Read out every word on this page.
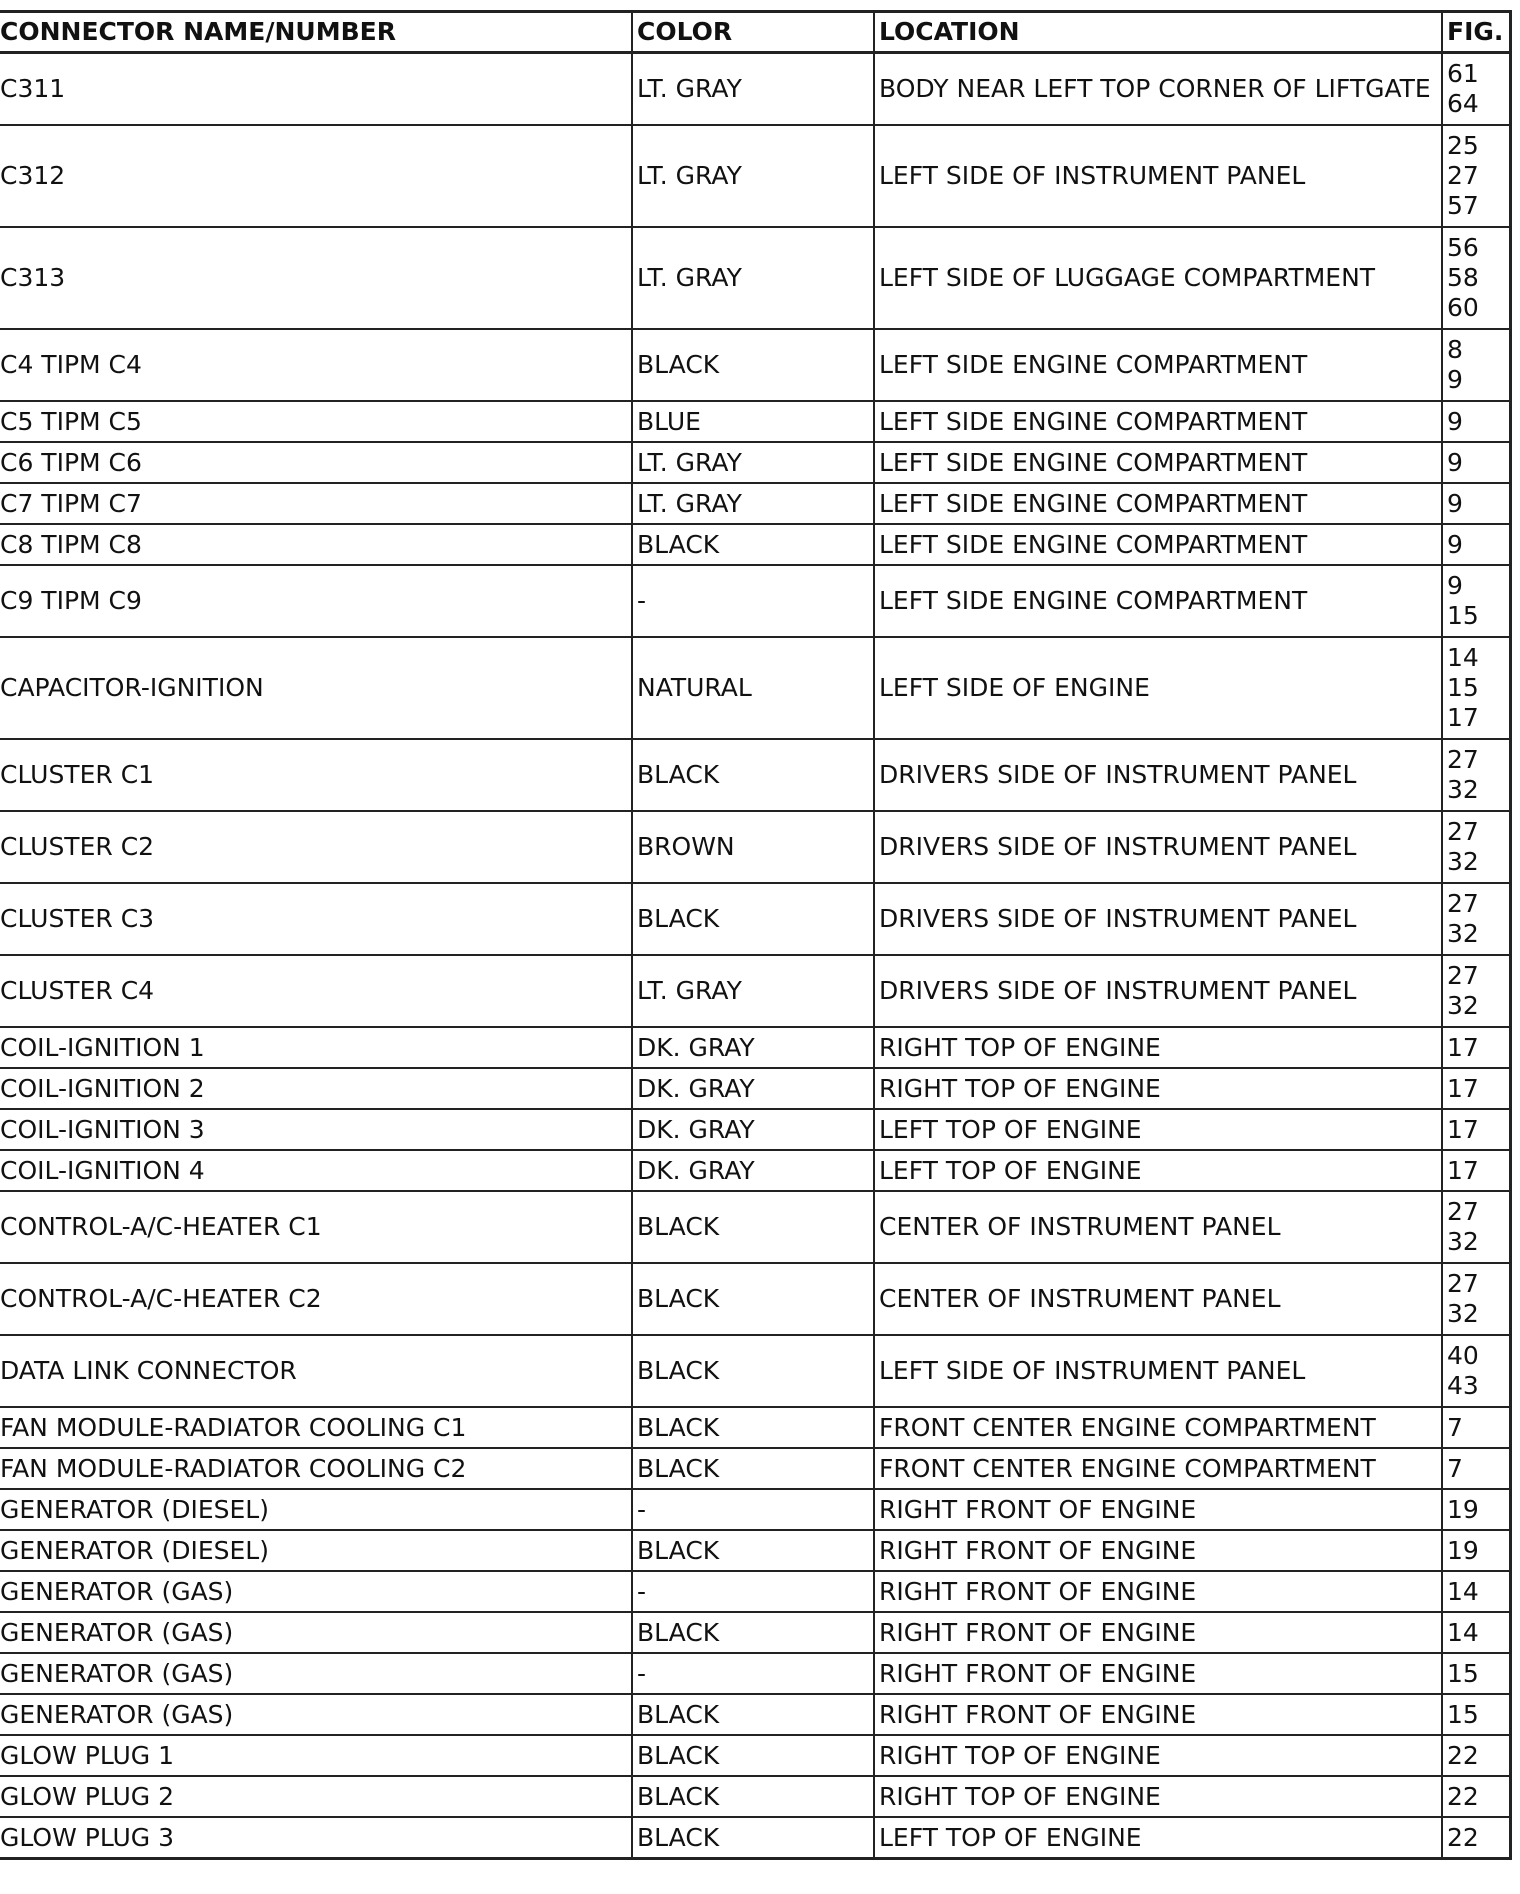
CONNECTOR NAME/NUMBER	COLOR	LOCATION	FIG.
C311	LT. GRAY	BODY NEAR LEFT TOP CORNER OF LIFTGATE	61
64

C312	LT. GRAY	LEFT SIDE OF INSTRUMENT PANEL	25
27
57

C313	LT. GRAY	LEFT SIDE OF LUGGAGE COMPARTMENT	56
58
60

C4 TIPM C4	BLACK	LEFT SIDE ENGINE COMPARTMENT	8
9

C5 TIPM C5	BLUE	LEFT SIDE ENGINE COMPARTMENT	9

C6 TIPM C6	LT. GRAY	LEFT SIDE ENGINE COMPARTMENT	9

C7 TIPM C7	LT. GRAY	LEFT SIDE ENGINE COMPARTMENT	9

C8 TIPM C8	BLACK	LEFT SIDE ENGINE COMPARTMENT	9

C9 TIPM C9	-	LEFT SIDE ENGINE COMPARTMENT	9
15

CAPACITOR-IGNITION	NATURAL	LEFT SIDE OF ENGINE	14
15
17

CLUSTER C1	BLACK	DRIVERS SIDE OF INSTRUMENT PANEL	27
32

CLUSTER C2	BROWN	DRIVERS SIDE OF INSTRUMENT PANEL	27
32

CLUSTER C3	BLACK	DRIVERS SIDE OF INSTRUMENT PANEL	27
32

CLUSTER C4	LT. GRAY	DRIVERS SIDE OF INSTRUMENT PANEL	27
32

COIL-IGNITION 1	DK. GRAY	RIGHT TOP OF ENGINE	17

COIL-IGNITION 2	DK. GRAY	RIGHT TOP OF ENGINE	17

COIL-IGNITION 3	DK. GRAY	LEFT TOP OF ENGINE	17

COIL-IGNITION 4	DK. GRAY	LEFT TOP OF ENGINE	17

CONTROL-A/C-HEATER C1	BLACK	CENTER OF INSTRUMENT PANEL	27
32

CONTROL-A/C-HEATER C2	BLACK	CENTER OF INSTRUMENT PANEL	27
32

DATA LINK CONNECTOR	BLACK	LEFT SIDE OF INSTRUMENT PANEL	40
43

FAN MODULE-RADIATOR COOLING C1	BLACK	FRONT CENTER ENGINE COMPARTMENT	7

FAN MODULE-RADIATOR COOLING C2	BLACK	FRONT CENTER ENGINE COMPARTMENT	7

GENERATOR (DIESEL)	-	RIGHT FRONT OF ENGINE	19

GENERATOR (DIESEL)	BLACK	RIGHT FRONT OF ENGINE	19

GENERATOR (GAS)	-	RIGHT FRONT OF ENGINE	14

GENERATOR (GAS)	BLACK	RIGHT FRONT OF ENGINE	14

GENERATOR (GAS)	-	RIGHT FRONT OF ENGINE	15

GENERATOR (GAS)	BLACK	RIGHT FRONT OF ENGINE	15

GLOW PLUG 1	BLACK	RIGHT TOP OF ENGINE	22

GLOW PLUG 2	BLACK	RIGHT TOP OF ENGINE	22

GLOW PLUG 3	BLACK	LEFT TOP OF ENGINE	22
